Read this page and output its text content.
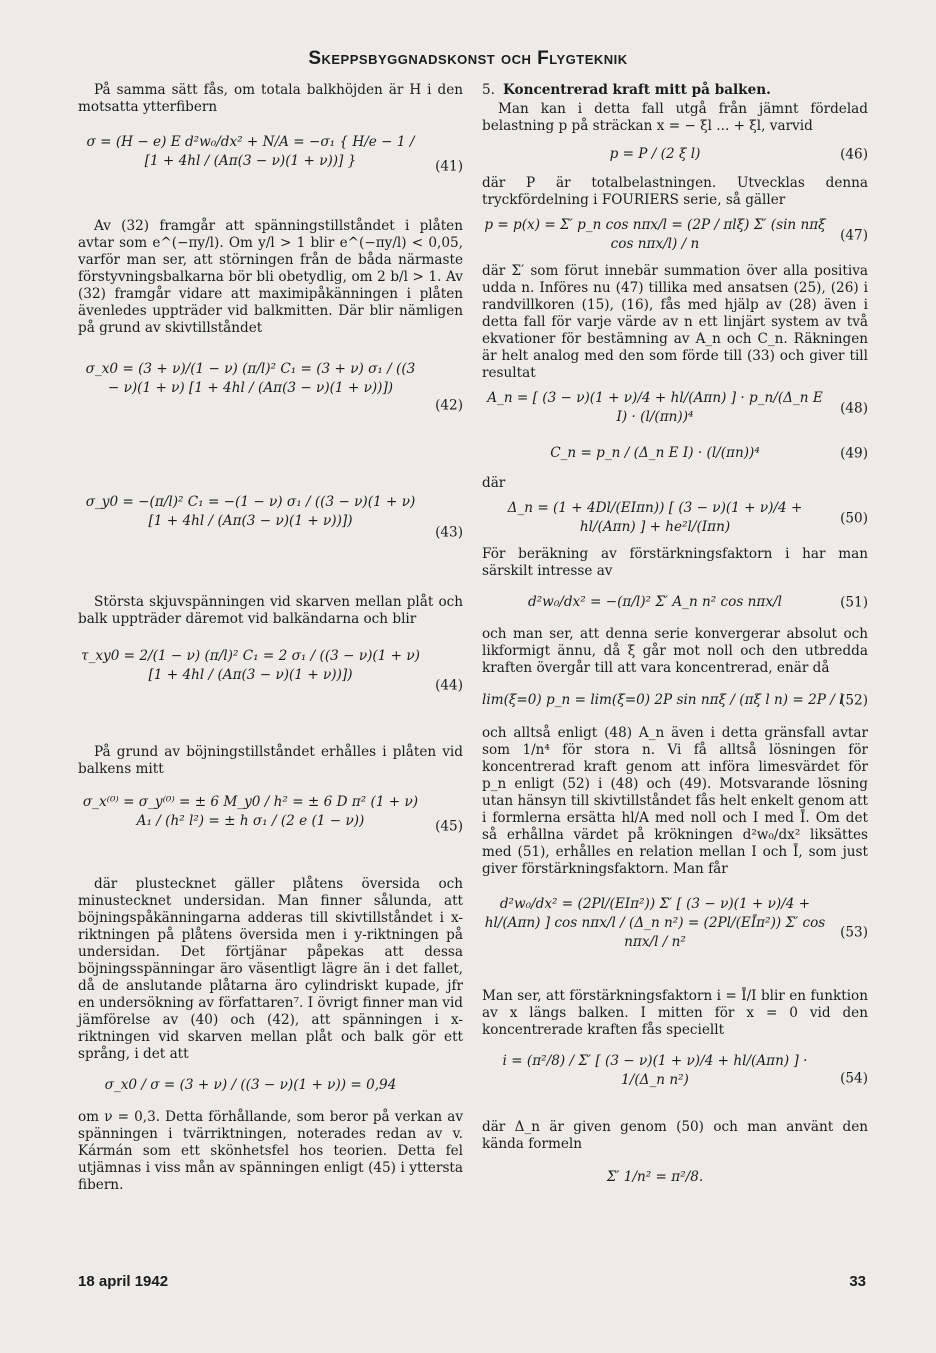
Skeppsbyggnadskonst och Flygteknik

På samma sätt fås, om totala balkhöjden är H i den motsatta ytterfibern

σ = (H − e) E d²w₀/dx² + N/A = −σ₁ { H/e − 1 / [1 + 4hl / (Aπ(3 − ν)(1 + ν))] }	(41)

Av (32) framgår att spänningstillståndet i plåten avtar som e^(−πy/l). Om y/l > 1 blir e^(−πy/l) < 0,05, varför man ser, att störningen från de båda närmaste förstyvningsbalkarna bör bli obetydlig, om 2 b/l > 1. Av (32) framgår vidare att maximipåkänningen i plåten ävenledes uppträder vid balkmitten. Där blir nämligen på grund av skivtillståndet

σ_x0 = (3 + ν)/(1 − ν) (π/l)² C₁ = (3 + ν) σ₁ / ((3 − ν)(1 + ν) [1 + 4hl / (Aπ(3 − ν)(1 + ν))])
(42)
σ_y0 = −(π/l)² C₁ = −(1 − ν) σ₁ / ((3 − ν)(1 + ν) [1 + 4hl / (Aπ(3 − ν)(1 + ν))])
(43)

Största skjuvspänningen vid skarven mellan plåt och balk uppträder däremot vid balkändarna och blir

τ_xy0 = 2/(1 − ν) (π/l)² C₁ = 2 σ₁ / ((3 − ν)(1 + ν) [1 + 4hl / (Aπ(3 − ν)(1 + ν))])
(44)

På grund av böjningstillståndet erhålles i plåten vid balkens mitt

σ_x⁽⁰⁾ = σ_y⁽⁰⁾ = ± 6 M_y0 / h² = ± 6 D π² (1 + ν) A₁ / (h² l²) = ± h σ₁ / (2 e (1 − ν))	(45)

där plustecknet gäller plåtens översida och minustecknet undersidan. Man finner sålunda, att böjningspåkänningarna adderas till skivtillståndet i x-riktningen på plåtens översida men i y-riktningen på undersidan. Det förtjänar påpekas att dessa böjningsspänningar äro väsentligt lägre än i det fallet, då de anslutande plåtarna äro cylindriskt kupade, jfr en undersökning av författaren⁷. I övrigt finner man vid jämförelse av (40) och (42), att spänningen i x-riktningen vid skarven mellan plåt och balk gör ett språng, i det att

σ_x0 / σ = (3 + ν) / ((3 − ν)(1 + ν)) = 0,94

om ν = 0,3. Detta förhållande, som beror på verkan av spänningen i tvärriktningen, noterades redan av v. Kármán som ett skönhetsfel hos teorien. Detta fel utjämnas i viss mån av spänningen enligt (45) i yttersta fibern.

5. Koncentrerad kraft mitt på balken.

Man kan i detta fall utgå från jämnt fördelad belastning p på sträckan x = − ξl ... + ξl, varvid

p = P / (2 ξ l)	(46)

där P är totalbelastningen. Utvecklas denna tryckfördelning i FOURIERS serie, så gäller

p = p(x) = Σ′ p_n cos nπx/l = (2P / πlξ) Σ′ (sin nπξ cos nπx/l) / n
(47)

där Σ′ som förut innebär summation över alla positiva udda n. Införes nu (47) tillika med ansatsen (25), (26) i randvillkoren (15), (16), fås med hjälp av (28) även i detta fall för varje värde av n ett linjärt system av två ekvationer för bestämning av A_n och C_n. Räkningen är helt analog med den som förde till (33) och giver till resultat

A_n = [ (3 − ν)(1 + ν)/4 + hl/(Aπn) ] · p_n/(Δ_n E I) · (l/(πn))⁴
(48)
C_n = p_n / (Δ_n E I) · (l/(πn))⁴	(49)

där

Δ_n = (1 + 4Dl/(EIπn)) [ (3 − ν)(1 + ν)/4 + hl/(Aπn) ] + he²l/(Iπn)
(50)

För beräkning av förstärkningsfaktorn i har man särskilt intresse av

d²w₀/dx² = −(π/l)² Σ′ A_n n² cos nπx/l	(51)

och man ser, att denna serie konvergerar absolut och likformigt ännu, då ξ går mot noll och den utbredda kraften övergår till att vara koncentrerad, enär då

lim(ξ=0) p_n = lim(ξ=0) 2P sin nπξ / (πξ l n) = 2P / l
(52)

och alltså enligt (48) A_n även i detta gränsfall avtar som 1/n⁴ för stora n. Vi få alltså lösningen för koncentrerad kraft genom att införa limesvärdet för p_n enligt (52) i (48) och (49). Motsvarande lösning utan hänsyn till skivtillståndet fås helt enkelt genom att i formlerna ersätta hl/A med noll och I med Ī. Om det så erhållna värdet på krökningen d²w₀/dx² liksättes med (51), erhålles en relation mellan I och Ī, som just giver förstärkningsfaktorn. Man får

d²w₀/dx² = (2Pl/(EIπ²)) Σ′ [ (3 − ν)(1 + ν)/4 + hl/(Aπn) ] cos nπx/l / (Δ_n n²) = (2Pl/(EĪπ²)) Σ′ cos nπx/l / n²
(53)

Man ser, att förstärkningsfaktorn i = Ī/I blir en funktion av x längs balken. I mitten för x = 0 vid den koncentrerade kraften fås speciellt

i = (π²/8) / Σ′ [ (3 − ν)(1 + ν)/4 + hl/(Aπn) ] · 1/(Δ_n n²)	(54)

där Δ_n är given genom (50) och man använt den kända formeln

Σ′ 1/n² = π²/8.
18 april 1942	33
